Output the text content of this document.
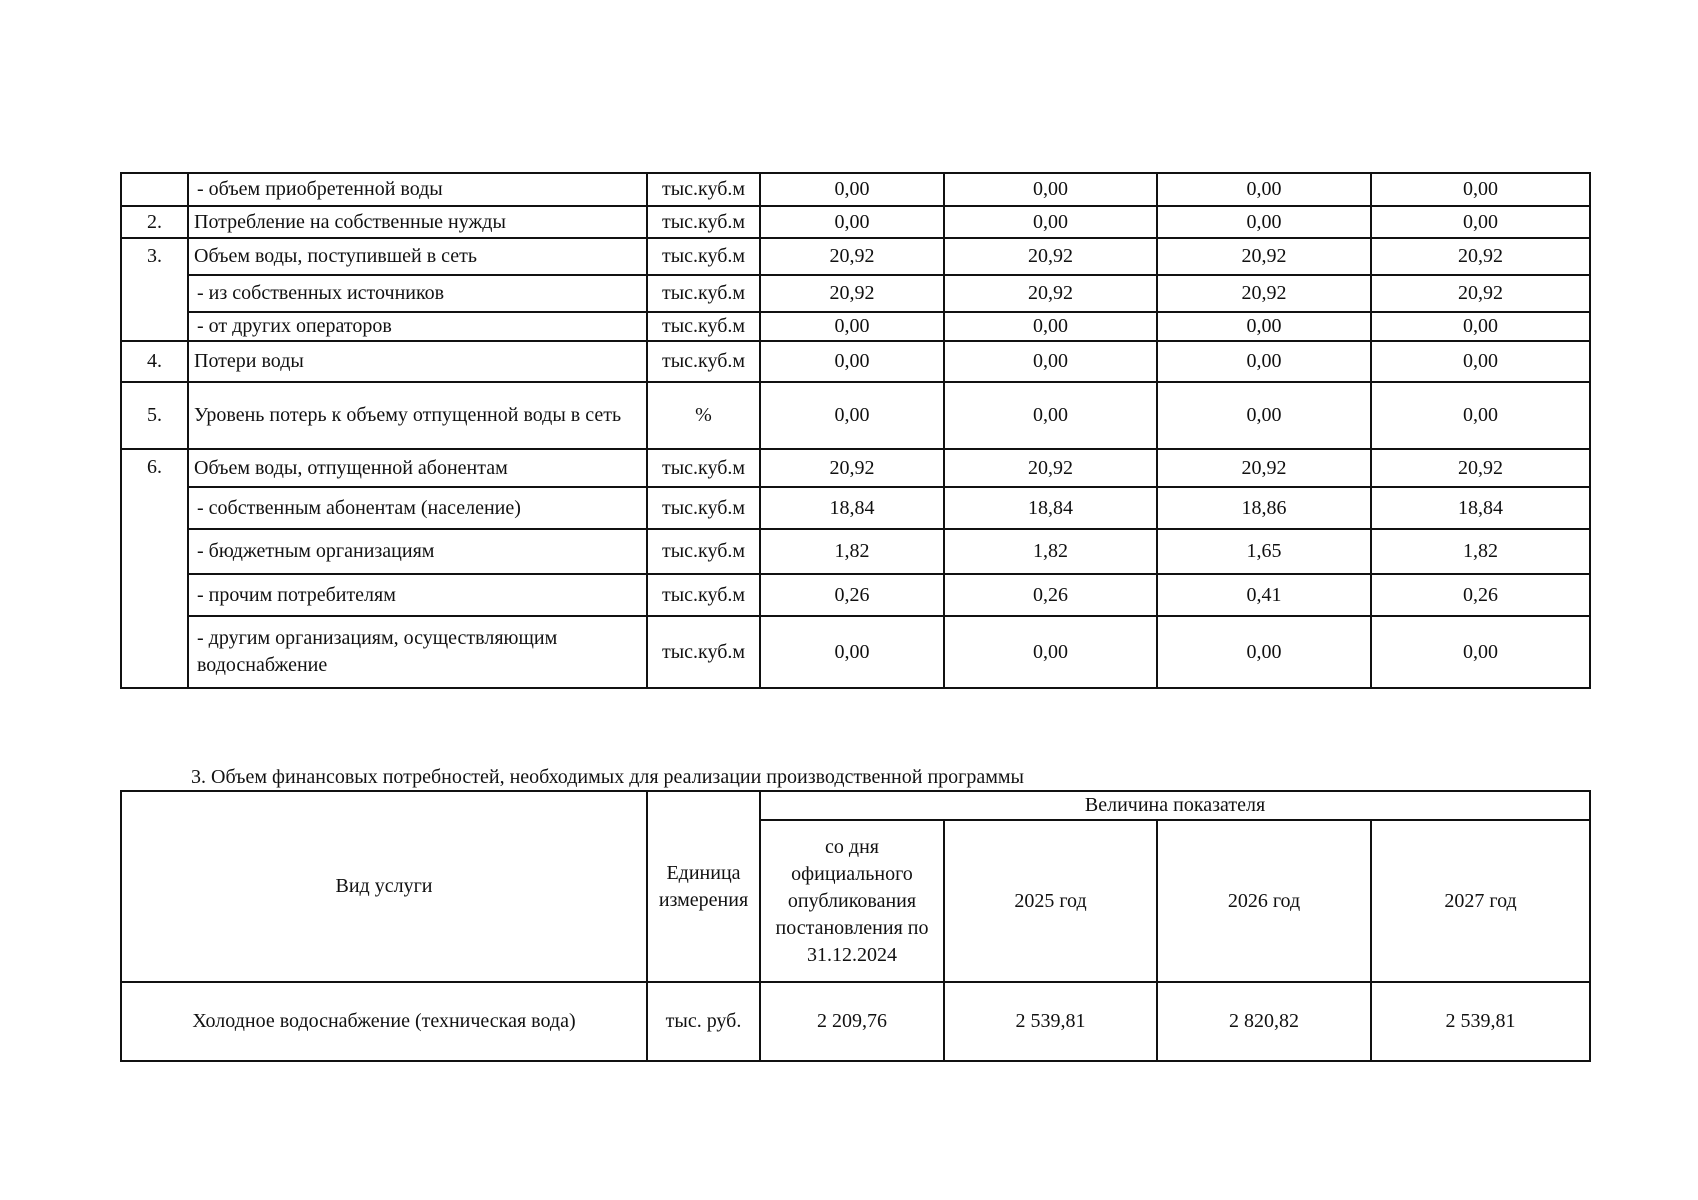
	- объем приобретенной воды	тыс.куб.м	0,00	0,00	0,00	0,00
2.	Потребление на собственные нужды	тыс.куб.м	0,00	0,00	0,00	0,00
3.	Объем воды, поступившей в сеть	тыс.куб.м	20,92	20,92	20,92	20,92
	- из собственных источников	тыс.куб.м	20,92	20,92	20,92	20,92
	- от других операторов	тыс.куб.м	0,00	0,00	0,00	0,00
4.	Потери воды	тыс.куб.м	0,00	0,00	0,00	0,00
5.	Уровень потерь к объему отпущенной воды в сеть	%	0,00	0,00	0,00	0,00
6.	Объем воды, отпущенной абонентам	тыс.куб.м	20,92	20,92	20,92	20,92
	- собственным абонентам (население)	тыс.куб.м	18,84	18,84	18,86	18,84
	- бюджетным организациям	тыс.куб.м	1,82	1,82	1,65	1,82
	- прочим потребителям	тыс.куб.м	0,26	0,26	0,41	0,26
	- другим организациям, осуществляющим водоснабжение	тыс.куб.м	0,00	0,00	0,00	0,00
3. Объем финансовых потребностей, необходимых для реализации производственной программы
Вид услуги	Единица измерения	Величина показателя			
		со дня официального опубликования постановления по 31.12.2024	2025 год	2026 год	2027 год
Холодное водоснабжение (техническая вода)	тыс. руб.	2 209,76	2 539,81	2 820,82	2 539,81
